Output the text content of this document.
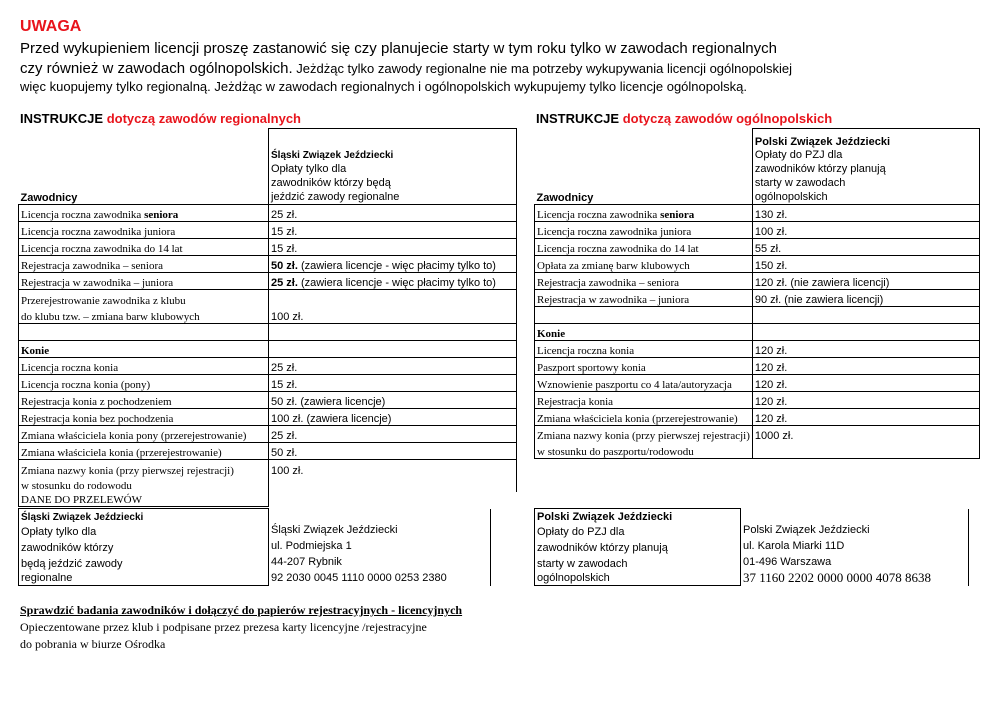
UWAGA
Przed wykupieniem licencji proszę zastanowić się czy planujecie starty w tym roku tylko w zawodach regionalnych
czy również w zawodach ogólnopolskich. Jeżdżąc tylko zawody regionalne nie ma potrzeby wykupywania licencji ogólnopolskiej
więc kuopujemy tylko regionalną. Jeżdżąc w zawodach regionalnych i ogólnopolskich wykupujemy tylko licencje ogólnopolską.
INSTRUKCJE dotyczą zawodów regionalnych	INSTRUKCJE dotyczą zawodów ogólnopolskich
Zawodnicy	Śląski Związek Jeździecki
Opłaty tylko dla zawodników którzy będą jeździć zawody regionalne

Licencja roczna zawodnika seniora	25 zł.
Licencja roczna zawodnika juniora	15 zł.
Licencja roczna zawodnika do 14 lat	15 zł.
Rejestracja zawodnika – seniora	50 zł. (zawiera licencje - więc płacimy tylko to)
Rejestracja w zawodnika – juniora	25 zł. (zawiera licencje - więc płacimy tylko to)
Przerejestrowanie zawodnika z klubu	
do klubu tzw. – zmiana barw klubowych	100 zł.

Konie	
Licencja roczna konia	25 zł.
Licencja roczna konia (pony)	15 zł.
Rejestracja konia z pochodzeniem	50 zł. (zawiera licencje)
Rejestracja konia bez pochodzenia	100 zł. (zawiera licencje)
Zmiana właściciela konia pony (przerejestrowanie)	25 zł.
Zmiana właściciela konia (przerejestrowanie)	50 zł.
Zmiana nazwy konia (przy pierwszej rejestracji)	100 zł.
w stosunku do rodowodu	
DANE DO PRZELEWÓW	
Zawodnicy	Polski Związek Jeździecki
Opłaty do PZJ dla zawodników którzy planują starty w zawodach ogólnopolskich

Licencja roczna zawodnika seniora	130 zł.
Licencja roczna zawodnika juniora	100 zł.
Licencja roczna zawodnika do 14 lat	55 zł.
Opłata za zmianę barw klubowych	150 zł.
Rejestracja zawodnika – seniora	120 zł. (nie zawiera licencji)
Rejestracja w zawodnika – juniora	90 zł. (nie zawiera licencji)

Konie	
Licencja roczna konia	120 zł.
Paszport sportowy konia	120 zł.
Wznowienie paszportu co 4 lata/autoryzacja	120 zł.
Rejestracja konia	120 zł.
Zmiana właściciela konia (przerejestrowanie)	120 zł.
Zmiana nazwy konia (przy pierwszej rejestracji)	1000 zł.
w stosunku do paszportu/rodowodu	
Śląski Związek Jeździecki
Opłaty tylko dla
zawodników którzy
będą jeździć zawody
regionalne

Śląski Związek Jeździecki
ul. Podmiejska 1
44-207 Rybnik
92 2030 0045 1110 0000 0253 2380
Polski Związek Jeździecki
Opłaty do PZJ dla
zawodników którzy planują
starty w zawodach
ogólnopolskich

Polski Związek Jeździecki
ul. Karola Miarki 11D
01-496 Warszawa
37 1160 2202 0000 0000 4078 8638
Sprawdzić badania zawodników i dołączyć do papierów rejestracyjnych - licencyjnych
Opieczentowane przez klub i podpisane przez prezesa karty licencyjne /rejestracyjne
do pobrania w biurze Ośrodka
